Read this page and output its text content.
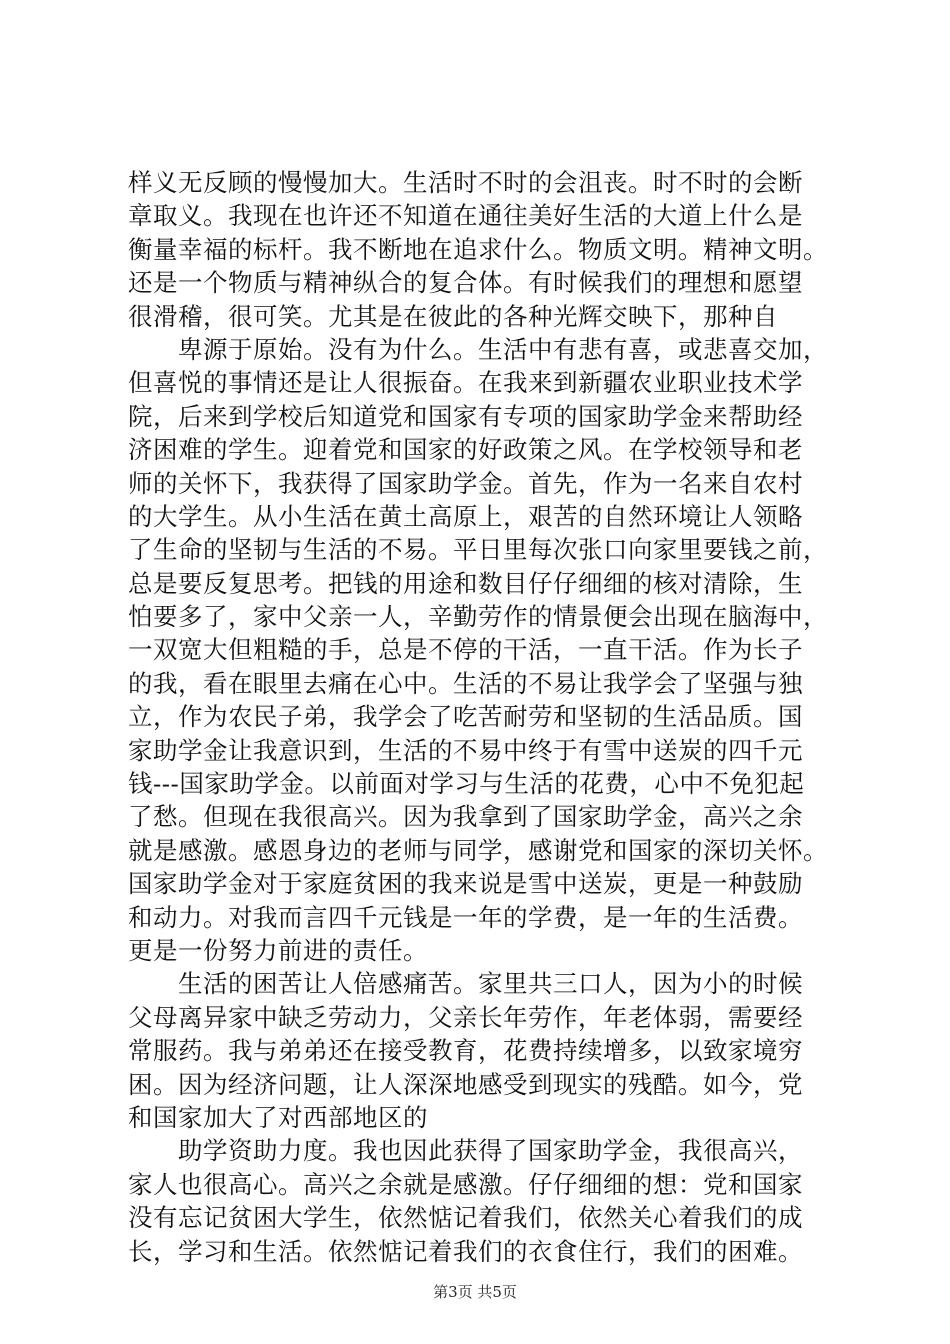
样义无反顾的慢慢加大。生活时不时的会沮丧。时不时的会断
章取义。我现在也许还不知道在通往美好生活的大道上什么是
衡量幸福的标杆。我不断地在追求什么。物质文明。精神文明。
还是一个物质与精神纵合的复合体。有时候我们的理想和愿望
很滑稽，很可笑。尤其是在彼此的各种光辉交映下，那种自
　　卑源于原始。没有为什么。生活中有悲有喜，或悲喜交加，
但喜悦的事情还是让人很振奋。在我来到新疆农业职业技术学
院，后来到学校后知道党和国家有专项的国家助学金来帮助经
济困难的学生。迎着党和国家的好政策之风。在学校领导和老
师的关怀下，我获得了国家助学金。首先，作为一名来自农村
的大学生。从小生活在黄土高原上，艰苦的自然环境让人领略
了生命的坚韧与生活的不易。平日里每次张口向家里要钱之前，
总是要反复思考。把钱的用途和数目仔仔细细的核对清除，生
怕要多了，家中父亲一人，辛勤劳作的情景便会出现在脑海中，
一双宽大但粗糙的手，总是不停的干活，一直干活。作为长子
的我，看在眼里去痛在心中。生活的不易让我学会了坚强与独
立，作为农民子弟，我学会了吃苦耐劳和坚韧的生活品质。国
家助学金让我意识到，生活的不易中终于有雪中送炭的四千元
钱---国家助学金。以前面对学习与生活的花费，心中不免犯起
了愁。但现在我很高兴。因为我拿到了国家助学金，高兴之余
就是感激。感恩身边的老师与同学，感谢党和国家的深切关怀。
国家助学金对于家庭贫困的我来说是雪中送炭，更是一种鼓励
和动力。对我而言四千元钱是一年的学费，是一年的生活费。
更是一份努力前进的责任。
　　生活的困苦让人倍感痛苦。家里共三口人，因为小的时候
父母离异家中缺乏劳动力，父亲长年劳作，年老体弱，需要经
常服药。我与弟弟还在接受教育，花费持续增多，以致家境穷
困。因为经济问题，让人深深地感受到现实的残酷。如今，党
和国家加大了对西部地区的
　　助学资助力度。我也因此获得了国家助学金，我很高兴，
家人也很高心。高兴之余就是感激。仔仔细细的想：党和国家
没有忘记贫困大学生，依然惦记着我们，依然关心着我们的成
长，学习和生活。依然惦记着我们的衣食住行，我们的困难。
第3页 共5页
